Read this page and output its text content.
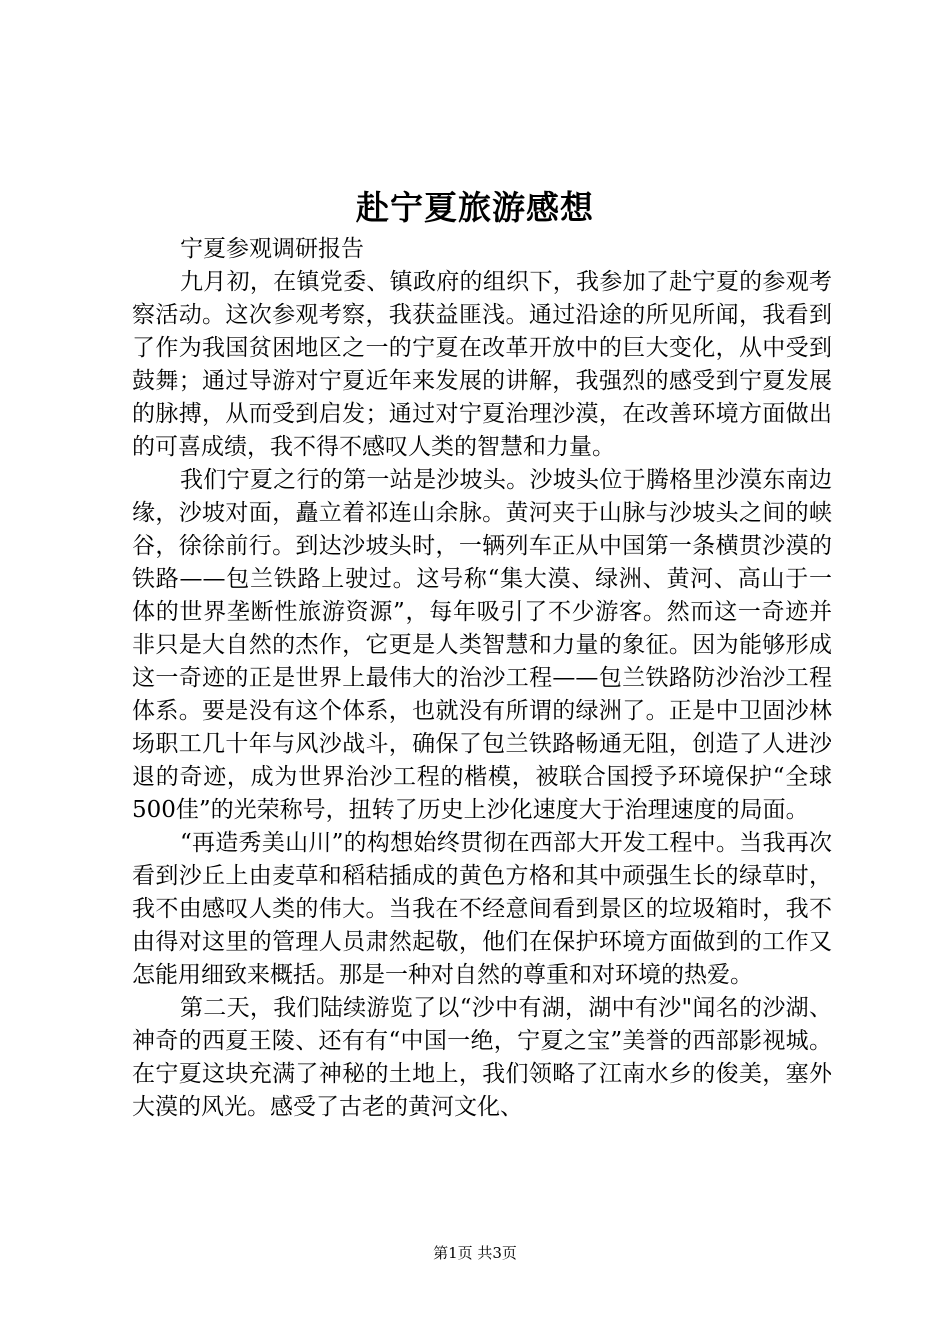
赴宁夏旅游感想

宁夏参观调研报告

九月初，在镇党委、镇政府的组织下，我参加了赴宁夏的参观考察活动。这次参观考察，我获益匪浅。通过沿途的所见所闻，我看到了作为我国贫困地区之一的宁夏在改革开放中的巨大变化，从中受到鼓舞；通过导游对宁夏近年来发展的讲解，我强烈的感受到宁夏发展的脉搏，从而受到启发；通过对宁夏治理沙漠，在改善环境方面做出的可喜成绩，我不得不感叹人类的智慧和力量。

我们宁夏之行的第一站是沙坡头。沙坡头位于腾格里沙漠东南边缘，沙坡对面，矗立着祁连山余脉。黄河夹于山脉与沙坡头之间的峡谷，徐徐前行。到达沙坡头时，一辆列车正从中国第一条横贯沙漠的铁路——包兰铁路上驶过。这号称“集大漠、绿洲、黄河、高山于一体的世界垄断性旅游资源”，每年吸引了不少游客。然而这一奇迹并非只是大自然的杰作，它更是人类智慧和力量的象征。因为能够形成这一奇迹的正是世界上最伟大的治沙工程——包兰铁路防沙治沙工程体系。要是没有这个体系，也就没有所谓的绿洲了。正是中卫固沙林场职工几十年与风沙战斗，确保了包兰铁路畅通无阻，创造了人进沙退的奇迹，成为世界治沙工程的楷模，被联合国授予环境保护“全球500佳”的光荣称号，扭转了历史上沙化速度大于治理速度的局面。

“再造秀美山川”的构想始终贯彻在西部大开发工程中。当我再次看到沙丘上由麦草和稻秸插成的黄色方格和其中顽强生长的绿草时，我不由感叹人类的伟大。当我在不经意间看到景区的垃圾箱时，我不由得对这里的管理人员肃然起敬，他们在保护环境方面做到的工作又怎能用细致来概括。那是一种对自然的尊重和对环境的热爱。

第二天，我们陆续游览了以“沙中有湖，湖中有沙"闻名的沙湖、神奇的西夏王陵、还有有“中国一绝，宁夏之宝”美誉的西部影视城。在宁夏这块充满了神秘的土地上，我们领略了江南水乡的俊美，塞外大漠的风光。感受了古老的黄河文化、

第1页 共3页
